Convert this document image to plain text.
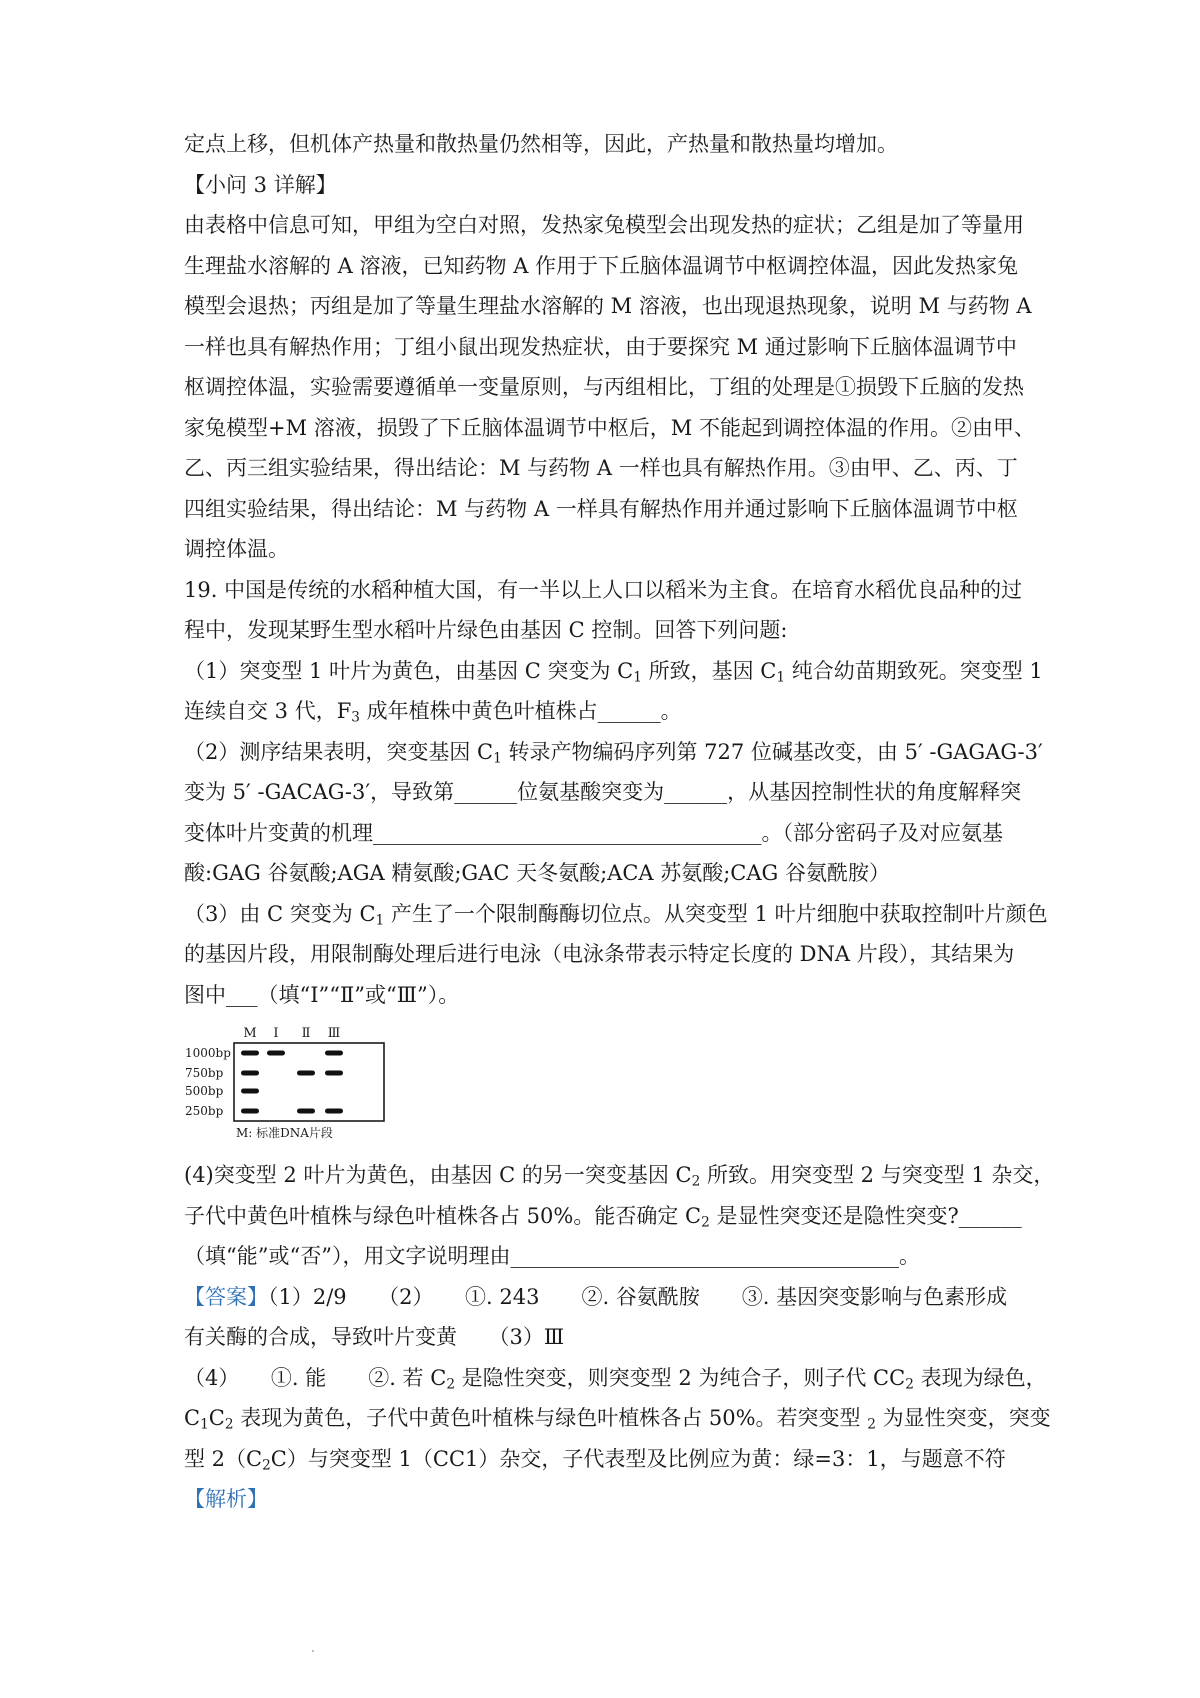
定点上移，但机体产热量和散热量仍然相等，因此，产热量和散热量均增加。
【小问 3 详解】
由表格中信息可知，甲组为空白对照，发热家兔模型会出现发热的症状；乙组是加了等量用
生理盐水溶解的 A 溶液，已知药物 A 作用于下丘脑体温调节中枢调控体温，因此发热家兔
模型会退热；丙组是加了等量生理盐水溶解的 M 溶液，也出现退热现象，说明 M 与药物 A
一样也具有解热作用；丁组小鼠出现发热症状，由于要探究 M 通过影响下丘脑体温调节中
枢调控体温，实验需要遵循单一变量原则，与丙组相比，丁组的处理是①损毁下丘脑的发热
家兔模型+M 溶液，损毁了下丘脑体温调节中枢后，M 不能起到调控体温的作用。②由甲、
乙、丙三组实验结果，得出结论：M 与药物 A 一样也具有解热作用。③由甲、乙、丙、丁
四组实验结果，得出结论：M 与药物 A 一样具有解热作用并通过影响下丘脑体温调节中枢
调控体温。
19. 中国是传统的水稻种植大国，有一半以上人口以稻米为主食。在培育水稻优良品种的过
程中，发现某野生型水稻叶片绿色由基因 C 控制。回答下列问题:
（1）突变型 1 叶片为黄色，由基因 C 突变为 $C_1$ 所致，基因 $C_1$ 纯合幼苗期致死。突变型 1
连续自交 3 代，$F_3$ 成年植株中黄色叶植株占______。
（2）测序结果表明，突变基因 $C_1$ 转录产物编码序列第 727 位碱基改变，由 5′ -GAGAG-3′
变为 5′ -GACAG-3′，导致第______位氨基酸突变为______，从基因控制性状的角度解释突
变体叶片变黄的机理_____________________________________。（部分密码子及对应氨基
酸:GAG 谷氨酸;AGA 精氨酸;GAC 天冬氨酸;ACA 苏氨酸;CAG 谷氨酰胺）
（3）由 C 突变为 $C_1$ 产生了一个限制酶酶切位点。从突变型 1 叶片细胞中获取控制叶片颜色
的基因片段，用限制酶处理后进行电泳（电泳条带表示特定长度的 DNA 片段），其结果为
图中___（填“I”“Ⅱ”或“Ⅲ”）。
M I Ⅱ Ⅲ
1000bp
750bp
500bp
250bp
M: 标准DNA片段
(4)突变型 2 叶片为黄色，由基因 C 的另一突变基因 $C_2$ 所致。用突变型 2 与突变型 1 杂交，
子代中黄色叶植株与绿色叶植株各占 50%。能否确定 $C_2$ 是显性突变还是隐性突变?______
（填“能”或“否”），用文字说明理由_____________________________________。
【答案】（1）2/9　　（2）　　①. 243　　②. 谷氨酰胺　　③. 基因突变影响与色素形成
有关酶的合成，导致叶片变黄　　（3）Ⅲ
（4）　　①. 能　　②. 若 $C_2$ 是隐性突变，则突变型 2 为纯合子，则子代 $CC_2$ 表现为绿色，
$C_1C_2$ 表现为黄色，子代中黄色叶植株与绿色叶植株各占 50%。若突变型 $_2$ 为显性突变，突变
型 $2(C_2C)$与突变型 1（CC1）杂交，子代表型及比例应为黄：绿=3：1，与题意不符
【解析】
